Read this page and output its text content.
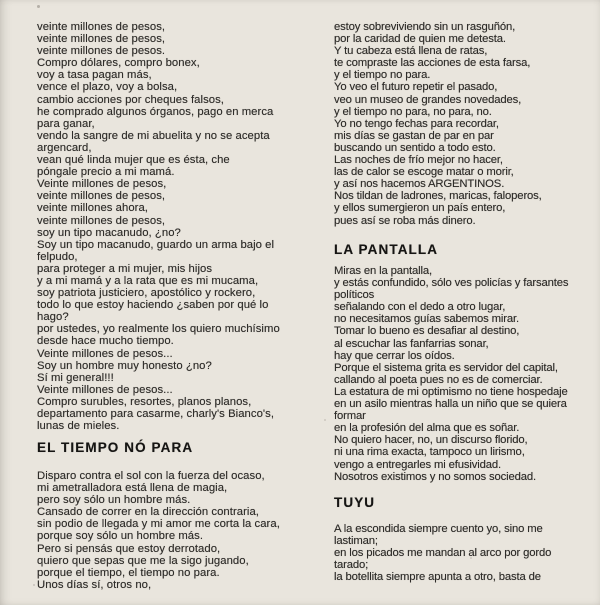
veinte millones de pesos,
veinte millones de pesos,
veinte millones de pesos.
Compro dólares, compro bonex,
voy a tasa pagan más,
vence el plazo, voy a bolsa,
cambio acciones por cheques falsos,
he comprado algunos órganos, pago en merca
para ganar,
vendo la sangre de mi abuelita y no se acepta
argencard,
vean qué linda mujer que es ésta, che
póngale precio a mi mamá.
Veinte millones de pesos,
veinte millones de pesos,
veinte millones ahora,
veinte millones de pesos,
soy un tipo macanudo, ¿no?
Soy un tipo macanudo, guardo un arma bajo el
felpudo,
para proteger a mi mujer, mis hijos
y a mi mamá y a la rata que es mi mucama,
soy patriota justiciero, apostólico y rockero,
todo lo que estoy haciendo ¿saben por qué lo
hago?
por ustedes, yo realmente los quiero muchísimo
desde hace mucho tiempo.
Veinte millones de pesos...
Soy un hombre muy honesto ¿no?
Sí mi general!!!
Veinte millones de pesos...
Compro surubles, resortes, planos planos,
departamento para casarme, charly's Bianco's,
lunas de mieles.
EL TIEMPO NÓ PARA
Disparo contra el sol con la fuerza del ocaso,
mi ametralladora está llena de magia,
pero soy sólo un hombre más.
Cansado de correr en la dirección contraria,
sin podio de llegada y mi amor me corta la cara,
porque soy sólo un hombre más.
Pero si pensás que estoy derrotado,
quiero que sepas que me la sigo jugando,
porque el tiempo, el tiempo no para.
Unos días sí, otros no,
estoy sobreviviendo sin un rasguñón,
por la caridad de quien me detesta.
Y tu cabeza está llena de ratas,
te compraste las acciones de esta farsa,
y el tiempo no para.
Yo veo el futuro repetir el pasado,
veo un museo de grandes novedades,
y el tiempo no para, no para, no.
Yo no tengo fechas para recordar,
mis días se gastan de par en par
buscando un sentido a todo esto.
Las noches de frío mejor no hacer,
las de calor se escoge matar o morir,
y así nos hacemos ARGENTINOS.
Nos tildan de ladrones, maricas, faloperos,
y ellos sumergieron un país entero,
pues así se roba más dinero.
LA PANTALLA
Miras en la pantalla,
y estás confundido, sólo ves policías y farsantes
políticos
señalando con el dedo a otro lugar,
no necesitamos guías sabemos mirar.
Tomar lo bueno es desafiar al destino,
al escuchar las fanfarrias sonar,
hay que cerrar los oídos.
Porque el sistema grita es servidor del capital,
callando al poeta pues no es de comerciar.
La estatura de mi optimismo no tiene hospedaje
en un asilo mientras halla un niño que se quiera
formar
en la profesión del alma que es soñar.
No quiero hacer, no, un discurso florido,
ni una rima exacta, tampoco un lirismo,
vengo a entregarles mi efusividad.
Nosotros existimos y no somos sociedad.
TUYU
A la escondida siempre cuento yo, sino me
lastiman;
en los picados me mandan al arco por gordo
tarado;
la botellita siempre apunta a otro, basta de
